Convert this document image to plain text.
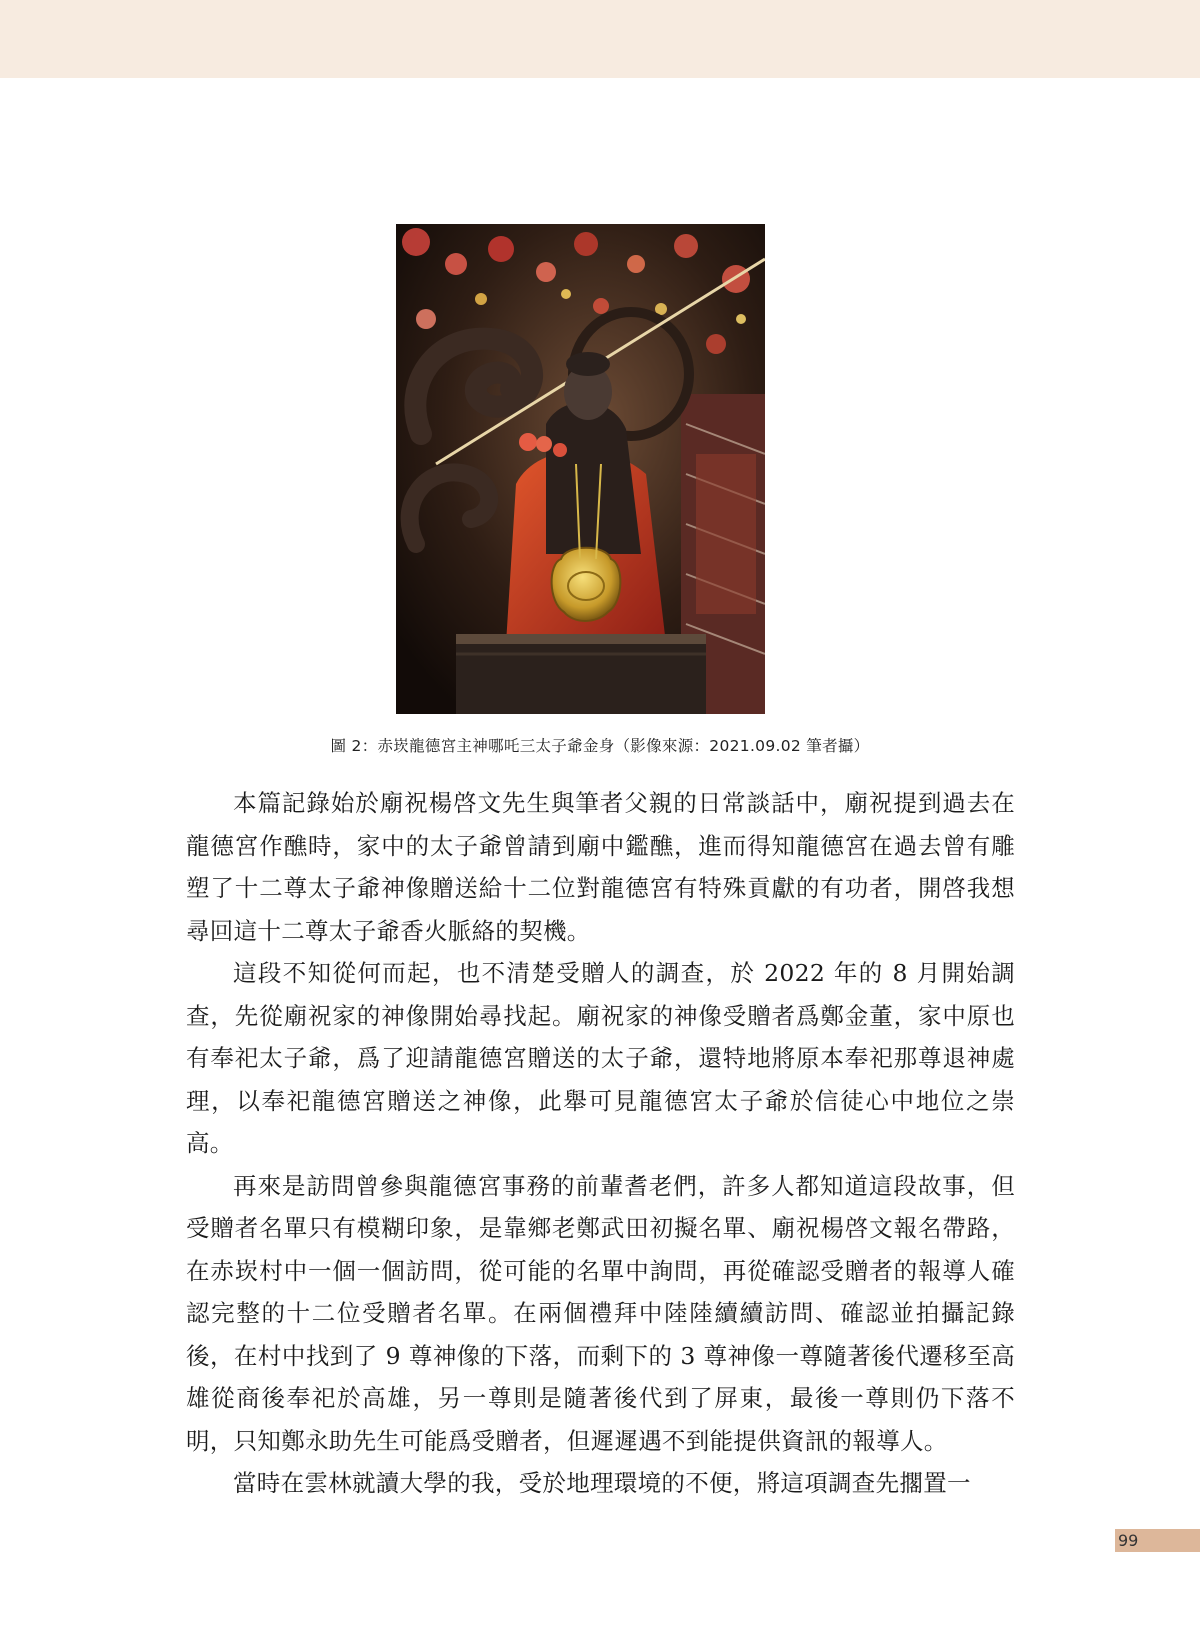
圖 2：赤崁龍德宮主神哪吒三太子爺金身（影像來源：2021.09.02 筆者攝）

本篇記錄始於廟祝楊啓文先生與筆者父親的日常談話中，廟祝提到過去在龍德宮作醮時，家中的太子爺曾請到廟中鑑醮，進而得知龍德宮在過去曾有雕塑了十二尊太子爺神像贈送給十二位對龍德宮有特殊貢獻的有功者，開啓我想尋回這十二尊太子爺香火脈絡的契機。

這段不知從何而起，也不清楚受贈人的調查，於 2022 年的 8 月開始調查，先從廟祝家的神像開始尋找起。廟祝家的神像受贈者爲鄭金董，家中原也有奉祀太子爺，爲了迎請龍德宮贈送的太子爺，還特地將原本奉祀那尊退神處理，以奉祀龍德宮贈送之神像，此舉可見龍德宮太子爺於信徒心中地位之崇高。

再來是訪問曾參與龍德宮事務的前輩耆老們，許多人都知道這段故事，但受贈者名單只有模糊印象，是靠鄉老鄭武田初擬名單、廟祝楊啓文報名帶路，在赤崁村中一個一個訪問，從可能的名單中詢問，再從確認受贈者的報導人確認完整的十二位受贈者名單。在兩個禮拜中陸陸續續訪問、確認並拍攝記錄後，在村中找到了 9 尊神像的下落，而剩下的 3 尊神像一尊隨著後代遷移至高雄從商後奉祀於高雄，另一尊則是隨著後代到了屏東，最後一尊則仍下落不明，只知鄭永助先生可能爲受贈者，但遲遲遇不到能提供資訊的報導人。

當時在雲林就讀大學的我，受於地理環境的不便，將這項調查先擱置一

99
